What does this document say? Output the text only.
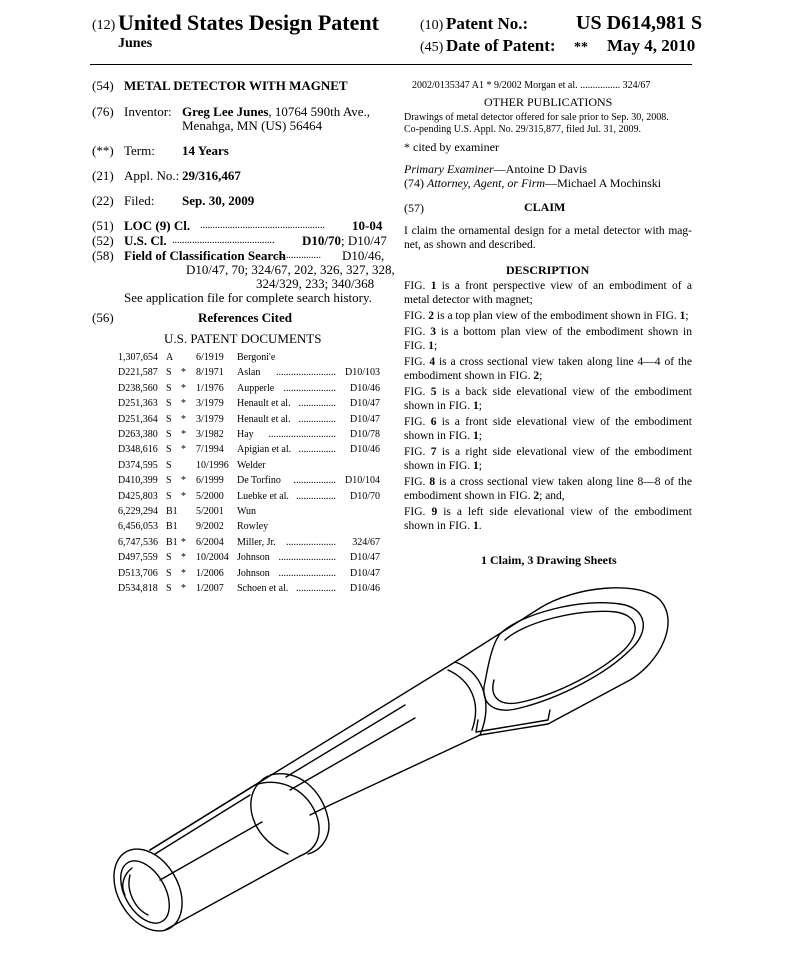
(12) United States Design Patent
Junes
(10) Patent No.: US D614,981 S
(45) Date of Patent: ** May 4, 2010
(54) METAL DETECTOR WITH MAGNET
(76) Inventor: Greg Lee Junes, 10764 590th Ave.,
Menahga, MN (US) 56464
(**) Term: 14 Years
(21) Appl. No.: 29/316,467
(22) Filed: Sep. 30, 2009
(51) LOC (9) Cl. .................................................. 10-04
(52) U.S. Cl. ......................................... D10/70; D10/47
(58) Field of Classification Search
.................. D10/46,
D10/47, 70; 324/67, 202, 326, 327, 328,
324/329, 233; 340/368
See application file for complete search history.
(56)	References Cited
U.S. PATENT DOCUMENTS
1,307,654 A 6/1919 Bergoni'e
D221,587 S * 8/1971 Aslan ........................ D10/103
D238,560 S * 1/1976 Aupperle ..................... D10/46
D251,363 S * 3/1979 Henault et al. ............... D10/47
D251,364 S * 3/1979 Henault et al. ............... D10/47
D263,380 S * 3/1982 Hay ........................... D10/78
D348,616 S * 7/1994 Apigian et al. ............... D10/46
D374,595 S 10/1996 Welder
D410,399 S * 6/1999 De Torfino ................. D10/104
D425,803 S * 5/2000 Luebke et al. ................ D10/70
6,229,294 B1 5/2001 Wun
6,456,053 B1 9/2002 Rowley
6,747,536 B1 * 6/2004 Miller, Jr. .................... 324/67
D497,559 S * 10/2004 Johnson ....................... D10/47
D513,706 S * 1/2006 Johnson ....................... D10/47
D534,818 S * 1/2007 Schoen et al. ................ D10/46
2002/0135347 A1 * 9/2002 Morgan et al. ................ 324/67
OTHER PUBLICATIONS
Drawings of metal detector offered for sale prior to Sep. 30, 2008.
Co-pending U.S. Appl. No. 29/315,877, filed Jul. 31, 2009.
* cited by examiner
Primary Examiner—Antoine D Davis
(74) Attorney, Agent, or Firm—Michael A Mochinski
(57)	CLAIM
I claim the ornamental design for a metal detector with mag-net, as shown and described.
DESCRIPTION
FIG. 1 is a front perspective view of an embodiment of a metal detector with magnet;
FIG. 2 is a top plan view of the embodiment shown in FIG. 1;
FIG. 3 is a bottom plan view of the embodiment shown in FIG. 1;
FIG. 4 is a cross sectional view taken along line 4—4 of the embodiment shown in FIG. 2;
FIG. 5 is a back side elevational view of the embodiment shown in FIG. 1;
FIG. 6 is a front side elevational view of the embodiment shown in FIG. 1;
FIG. 7 is a right side elevational view of the embodiment shown in FIG. 1;
FIG. 8 is a cross sectional view taken along line 8—8 of the embodiment shown in FIG. 2; and,
FIG. 9 is a left side elevational view of the embodiment shown in FIG. 1.
1 Claim, 3 Drawing Sheets
